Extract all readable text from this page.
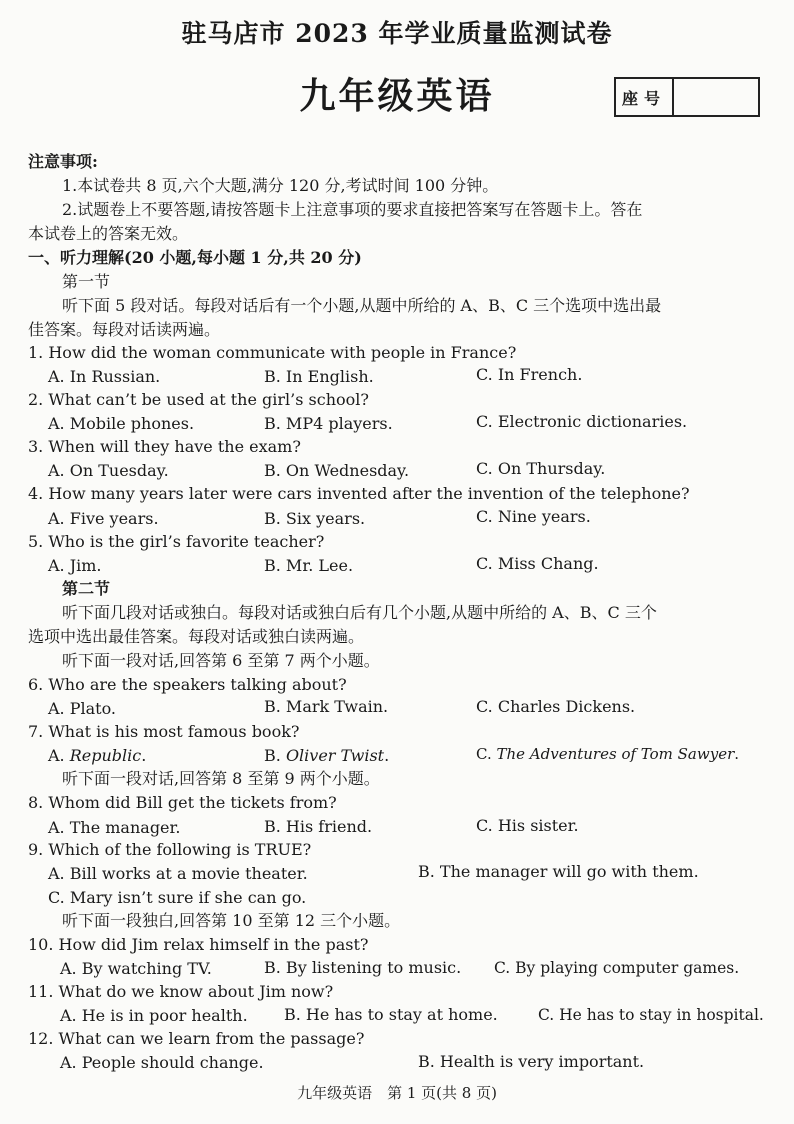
驻马店市 2023 年学业质量监测试卷
九年级英语	座号
注意事项:
1.本试卷共 8 页,六个大题,满分 120 分,考试时间 100 分钟。
2.试题卷上不要答题,请按答题卡上注意事项的要求直接把答案写在答题卡上。答在
本试卷上的答案无效。
一、听力理解(20 小题,每小题 1 分,共 20 分)
第一节
听下面 5 段对话。每段对话后有一个小题,从题中所给的 A、B、C 三个选项中选出最
佳答案。每段对话读两遍。
1. How did the woman communicate with people in France?
A. In Russian.	B. In English.	C. In French.
2. What can’t be used at the girl’s school?
A. Mobile phones.	B. MP4 players.	C. Electronic dictionaries.
3. When will they have the exam?
A. On Tuesday.	B. On Wednesday.	C. On Thursday.
4. How many years later were cars invented after the invention of the telephone?
A. Five years.	B. Six years.	C. Nine years.
5. Who is the girl’s favorite teacher?
A. Jim.	B. Mr. Lee.	C. Miss Chang.
第二节
听下面几段对话或独白。每段对话或独白后有几个小题,从题中所给的 A、B、C 三个
选项中选出最佳答案。每段对话或独白读两遍。
听下面一段对话,回答第 6 至第 7 两个小题。
6. Who are the speakers talking about?
A. Plato.	B. Mark Twain.	C. Charles Dickens.
7. What is his most famous book?
A. Republic.	B. Oliver Twist.	C. The Adventures of Tom Sawyer.
听下面一段对话,回答第 8 至第 9 两个小题。
8. Whom did Bill get the tickets from?
A. The manager.	B. His friend.	C. His sister.
9. Which of the following is TRUE?
A. Bill works at a movie theater.	B. The manager will go with them.
C. Mary isn’t sure if she can go.
听下面一段独白,回答第 10 至第 12 三个小题。
10. How did Jim relax himself in the past?
A. By watching TV.	B. By listening to music. C. By playing computer games.
11. What do we know about Jim now?
A. He is in poor health. B. He has to stay at home.	C. He has to stay in hospital.
12. What can we learn from the passage?
A. People should change.	B. Health is very important.
九年级英语　第 1 页(共 8 页)
